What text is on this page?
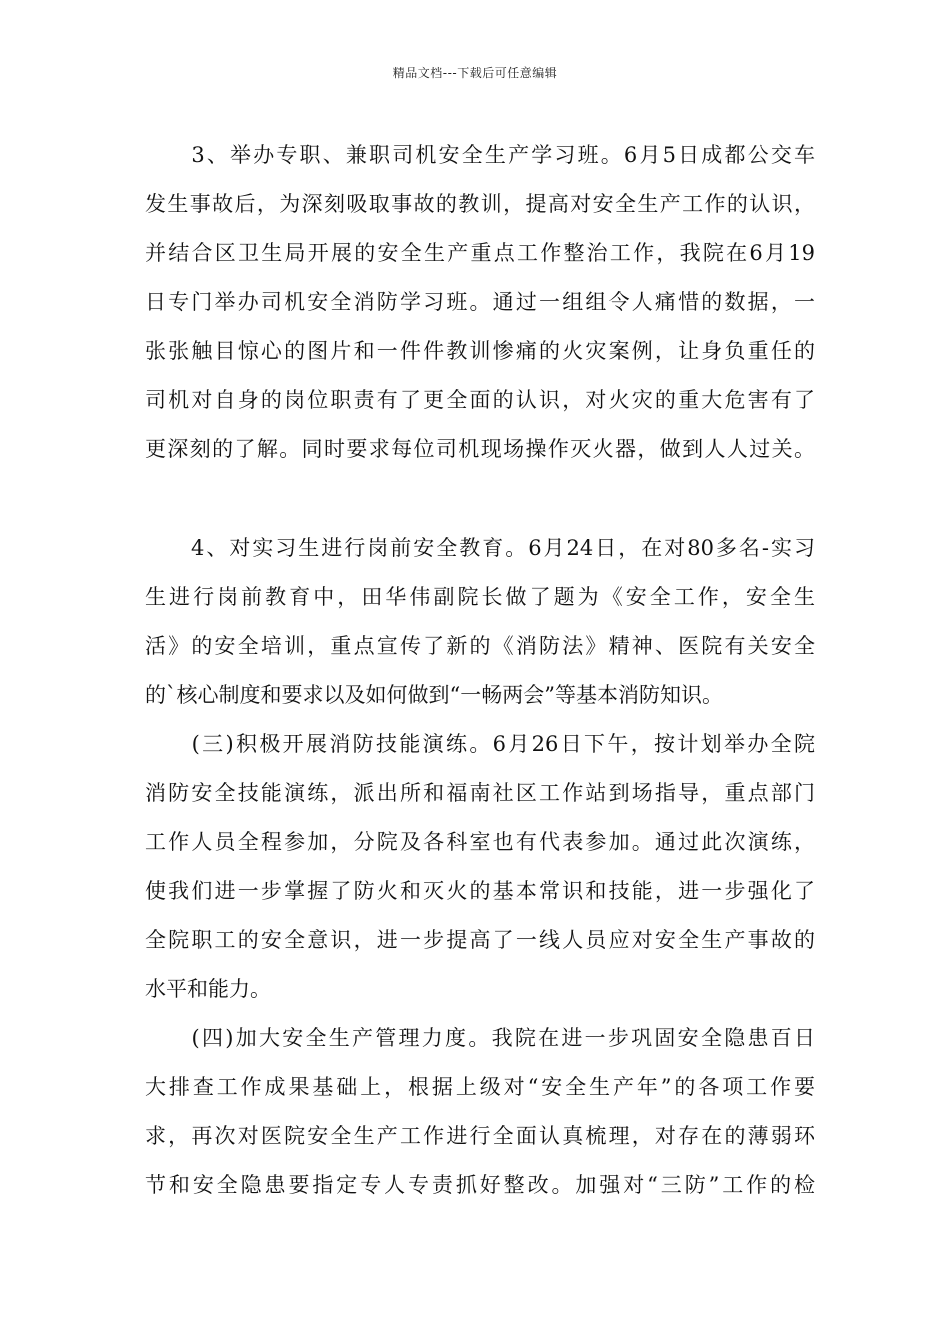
精品文档---下载后可任意编辑
　　3、举办专职、兼职司机安全生产学习班。6月5日成都公交车
发生事故后，为深刻吸取事故的教训，提高对安全生产工作的认识，
并结合区卫生局开展的安全生产重点工作整治工作，我院在6月19
日专门举办司机安全消防学习班。通过一组组令人痛惜的数据，一
张张触目惊心的图片和一件件教训惨痛的火灾案例，让身负重任的
司机对自身的岗位职责有了更全面的认识，对火灾的重大危害有了
更深刻的了解。同时要求每位司机现场操作灭火器，做到人人过关。
　　4、对实习生进行岗前安全教育。6月24日，在对80多名-实习
生进行岗前教育中，田华伟副院长做了题为《安全工作，安全生
活》的安全培训，重点宣传了新的《消防法》精神、医院有关安全
的`核心制度和要求以及如何做到“一畅两会”等基本消防知识。
　　(三)积极开展消防技能演练。6月26日下午，按计划举办全院
消防安全技能演练，派出所和福南社区工作站到场指导，重点部门
工作人员全程参加，分院及各科室也有代表参加。通过此次演练，
使我们进一步掌握了防火和灭火的基本常识和技能，进一步强化了
全院职工的安全意识，进一步提高了一线人员应对安全生产事故的
水平和能力。
　　(四)加大安全生产管理力度。我院在进一步巩固安全隐患百日
大排查工作成果基础上，根据上级对“安全生产年”的各项工作要
求，再次对医院安全生产工作进行全面认真梳理，对存在的薄弱环
节和安全隐患要指定专人专责抓好整改。加强对“三防”工作的检
